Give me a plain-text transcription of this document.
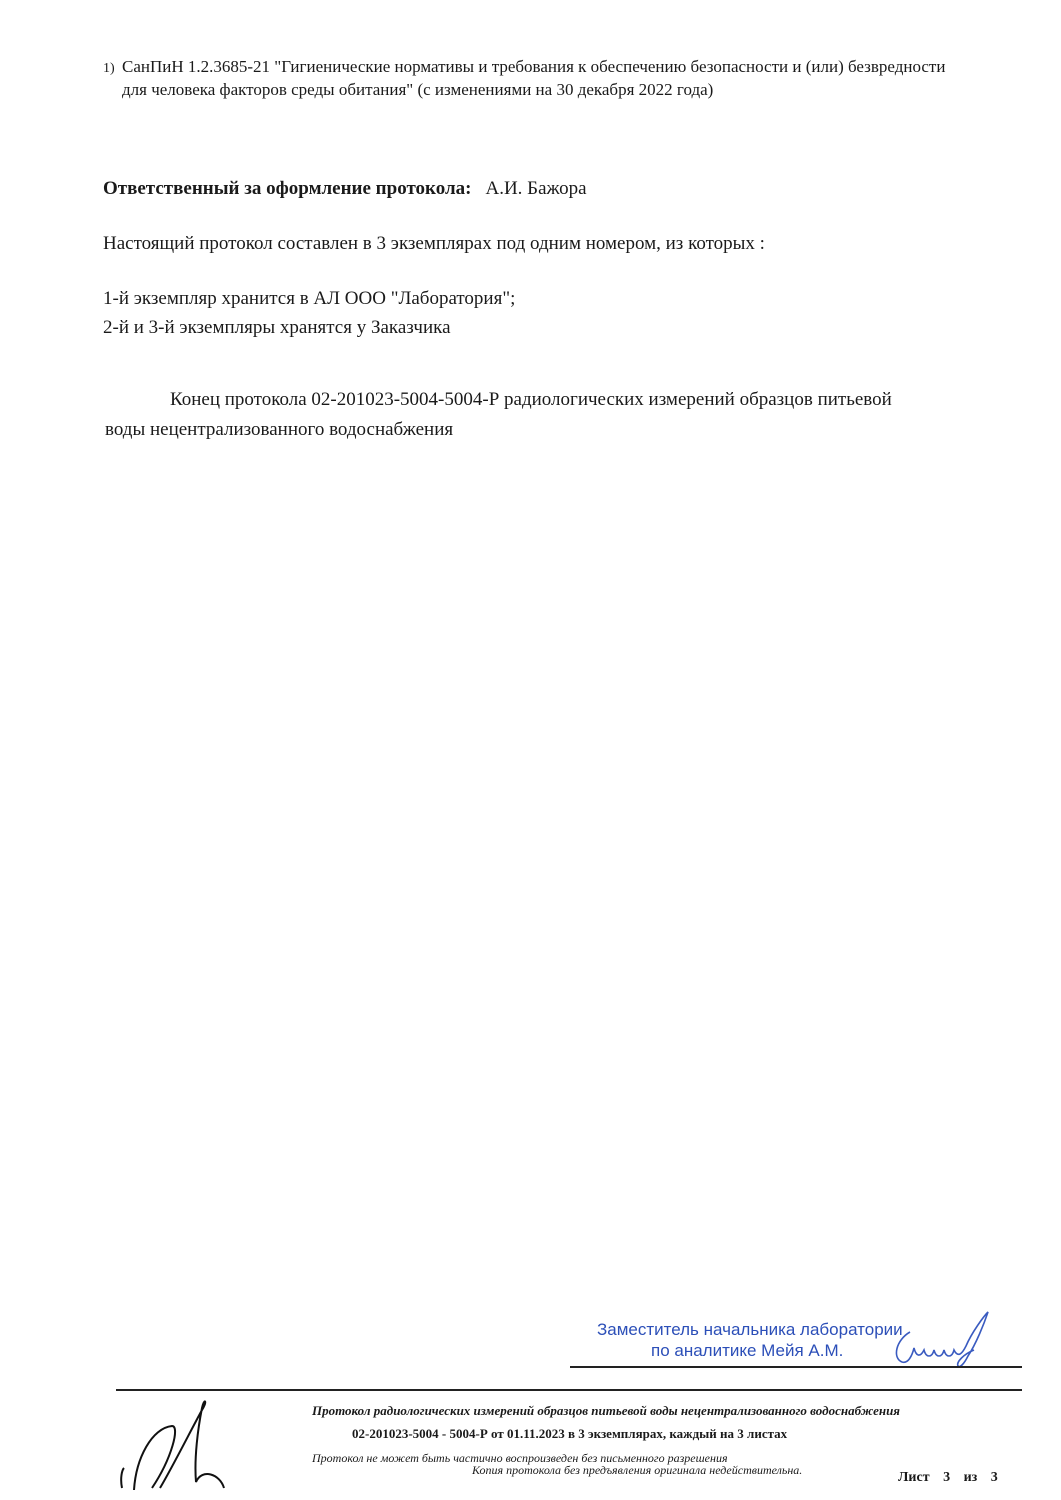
1) СанПиН 1.2.3685-21 "Гигиенические нормативы и требования к обеспечению безопасности и (или) безвредности
для человека факторов среды обитания" (с изменениями на 30 декабря 2022 года)
Ответственный за оформление протокола: А.И. Бажора
Настоящий протокол составлен в 3 экземплярах под одним номером, из которых :
1-й экземпляр хранится в АЛ ООО "Лаборатория";
2-й и 3-й экземпляры хранятся у Заказчика
Конец протокола 02-201023-5004-5004-Р радиологических измерений образцов питьевой
воды нецентрализованного водоснабжения
Заместитель начальника лаборатории
по аналитике Мейя А.М.
Протокол радиологических измерений образцов питьевой воды нецентрализованного водоснабжения
02-201023-5004 - 5004-Р от 01.11.2023 в 3 экземплярах, каждый на 3 листах
Протокол не может быть частично воспроизведен без письменного разрешения
Копия протокола без предъявления оригинала недействительна.	Лист 3 из 3
